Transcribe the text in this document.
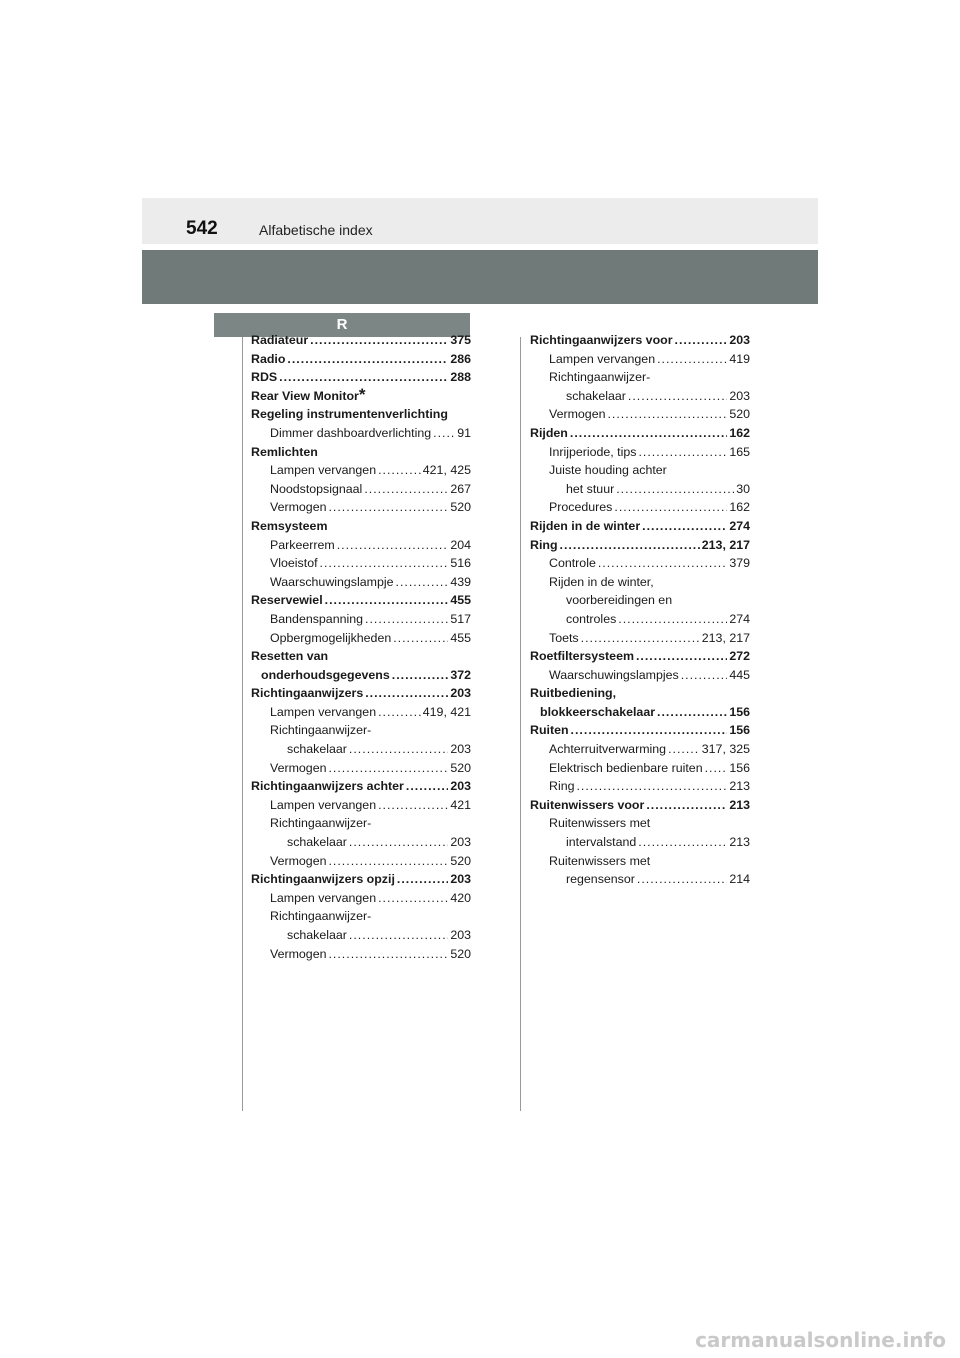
542	Alfabetische index
R
Radiateur .....	375
Radio .....	286
RDS .....	288
Rear View Monitor *
Regeling instrumentenverlichting
Dimmer dashboardverlichting ..... 91
Remlichten
Lampen vervangen .....	421, 425
Noodstopsignaal .....	267
Vermogen .....	520
Remsysteem
Parkeerrem .....	204
Vloeistof .....	516
Waarschuwingslampje .....	439
Reservewiel .....	455
Bandenspanning .....	517
Opbergmogelijkheden .....	455
Resetten van
onderhoudsgegevens .....	372
Richtingaanwijzers .....	203
Lampen vervangen .....	419, 421
Richtingaanwijzer-
schakelaar .....	203
Vermogen .....	520
Richtingaanwijzers achter .....	203
Lampen vervangen .....	421
Richtingaanwijzer-
schakelaar .....	203
Vermogen .....	520
Richtingaanwijzers opzij .....	203
Lampen vervangen .....	420
Richtingaanwijzer-
schakelaar .....	203
Vermogen .....	520
Richtingaanwijzers voor .....	203
Lampen vervangen .....	419
Richtingaanwijzer-
schakelaar .....	203
Vermogen .....	520
Rijden .....	162
Inrijperiode, tips .....	165
Juiste houding achter
het stuur .....	30
Procedures .....	162
Rijden in de winter .....	274
Ring .....	213, 217
Controle .....	379
Rijden in de winter,
voorbereidingen en
controles .....	274
Toets .....	213, 217
Roetfiltersysteem .....	272
Waarschuwingslampjes .....	445
Ruitbediening,
blokkeerschakelaar .....	156
Ruiten .....	156
Achterruitverwarming .....	317, 325
Elektrisch bedienbare ruiten ..... 156
Ring .....	213
Ruitenwissers voor .....	213
Ruitenwissers met
intervalstand .....	213
Ruitenwissers met
regensensor .....	214
carmanualsonline.info
